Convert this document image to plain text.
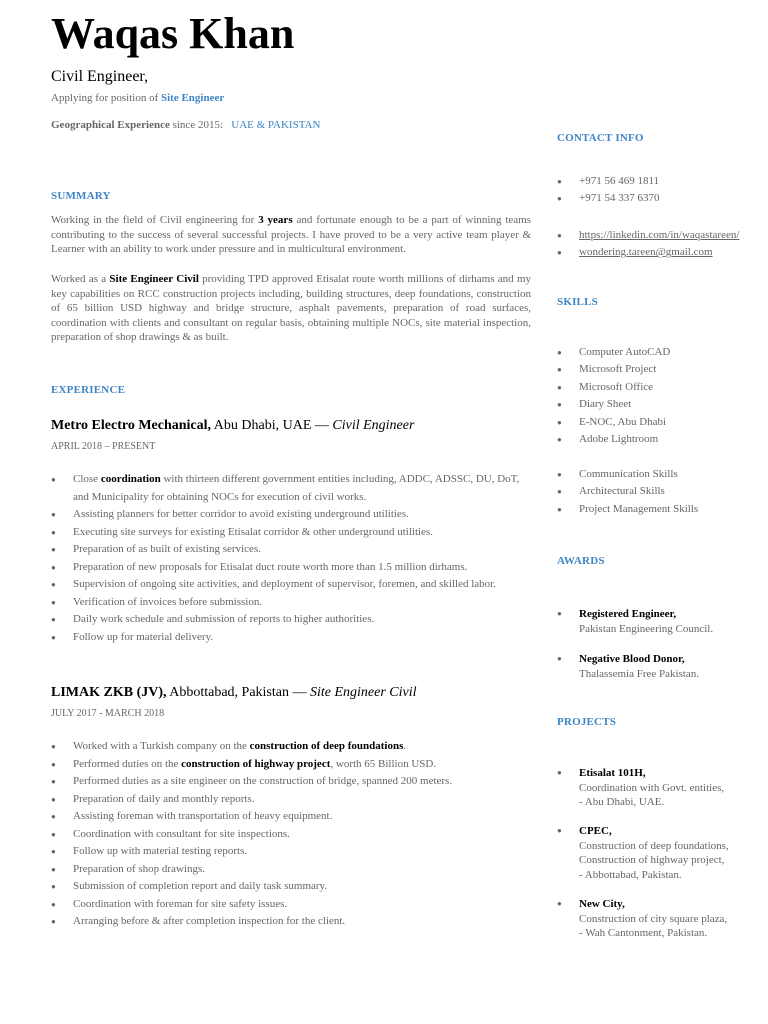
Waqas Khan
Civil Engineer,
Applying for position of Site Engineer
Geographical Experience since 2015: UAE & PAKISTAN
SUMMARY
Working in the field of Civil engineering for 3 years and fortunate enough to be a part of winning teams contributing to the success of several successful projects. I have proved to be a very active team player & Learner with an ability to work under pressure and in multicultural environment.
Worked as a Site Engineer Civil providing TPD approved Etisalat route worth millions of dirhams and my key capabilities on RCC construction projects including, building structures, deep foundations, construction of 65 billion USD highway and bridge structure, asphalt pavements, preparation of road surfaces, coordination with clients and consultant on regular basis, obtaining multiple NOCs, site material inspection, preparation of shop drawings & as built.
EXPERIENCE
Metro Electro Mechanical, Abu Dhabi, UAE — Civil Engineer
APRIL 2018 – PRESENT
● Close coordination with thirteen different government entities including, ADDC, ADSSC, DU, DoT, and Municipality for obtaining NOCs for execution of civil works.
● Assisting planners for better corridor to avoid existing underground utilities.
● Executing site surveys for existing Etisalat corridor & other underground utilities.
● Preparation of as built of existing services.
● Preparation of new proposals for Etisalat duct route worth more than 1.5 million dirhams.
● Supervision of ongoing site activities, and deployment of supervisor, foremen, and skilled labor.
● Verification of invoices before submission.
● Daily work schedule and submission of reports to higher authorities.
● Follow up for material delivery.
LIMAK ZKB (JV), Abbottabad, Pakistan — Site Engineer Civil
JULY 2017 - MARCH 2018
● Worked with a Turkish company on the construction of deep foundations.
● Performed duties on the construction of highway project, worth 65 Billion USD.
● Performed duties as a site engineer on the construction of bridge, spanned 200 meters.
● Preparation of daily and monthly reports.
● Assisting foreman with transportation of heavy equipment.
● Coordination with consultant for site inspections.
● Follow up with material testing reports.
● Preparation of shop drawings.
● Submission of completion report and daily task summary.
● Coordination with foreman for site safety issues.
● Arranging before & after completion inspection for the client.
CONTACT INFO
● +971 56 469 1811
● +971 54 337 6370
● https://linkedin.com/in/waqastareen/
● wondering.tareen@gmail.com
SKILLS
● Computer AutoCAD
● Microsoft Project
● Microsoft Office
● Diary Sheet
● E-NOC, Abu Dhabi
● Adobe Lightroom
● Communication Skills
● Architectural Skills
● Project Management Skills
AWARDS
● Registered Engineer,
Pakistan Engineering Council.
● Negative Blood Donor,
Thalassemia Free Pakistan.
PROJECTS
● Etisalat 101H,
Coordination with Govt. entities,
- Abu Dhabi, UAE.
● CPEC,
Construction of deep foundations,
Construction of highway project,
- Abbottabad, Pakistan.
● New City,
Construction of city square plaza,
- Wah Cantonment, Pakistan.
